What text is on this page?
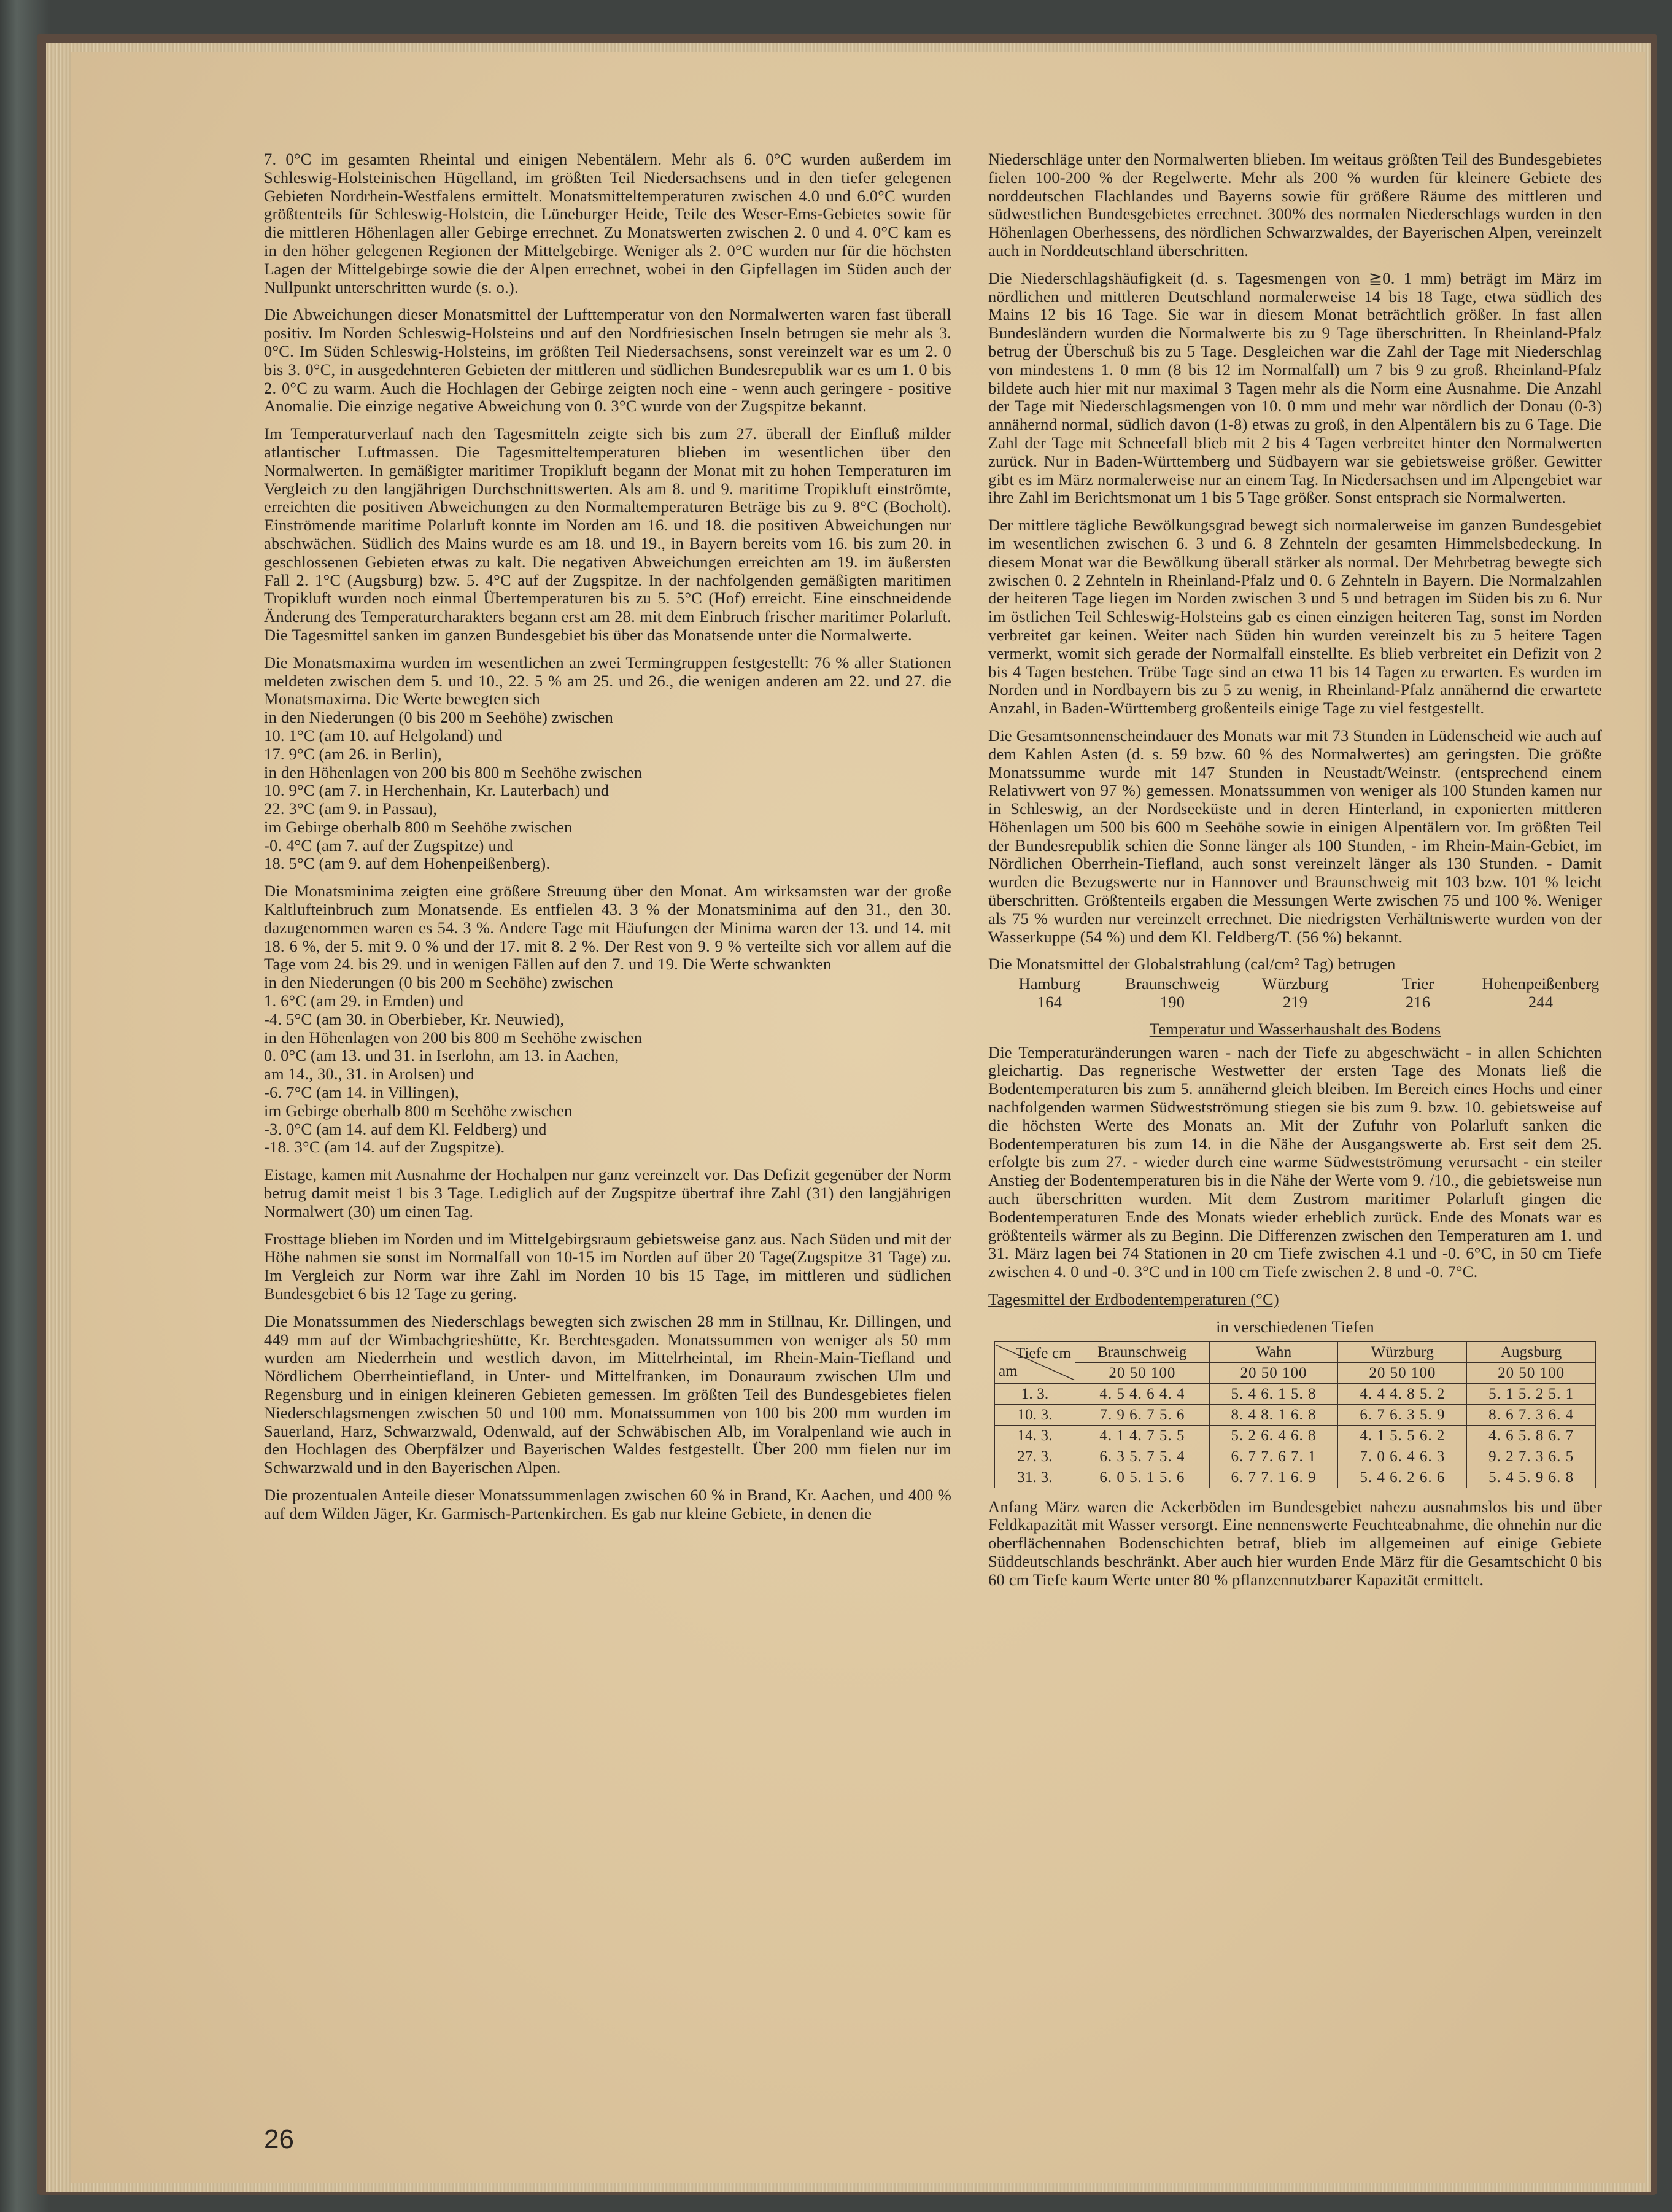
7. 0°C im gesamten Rheintal und einigen Nebentälern. Mehr als 6. 0°C wurden außerdem im Schleswig-Holsteinischen Hügelland, im größten Teil Niedersachsens und in den tiefer gelegenen Gebieten Nordrhein-Westfalens ermittelt. Monatsmitteltemperaturen zwischen 4.0 und 6.0°C wurden größtenteils für Schleswig-Holstein, die Lüneburger Heide, Teile des Weser-Ems-Gebietes sowie für die mittleren Höhenlagen aller Gebirge errechnet. Zu Monatswerten zwischen 2. 0 und 4. 0°C kam es in den höher gelegenen Regionen der Mittelgebirge. Weniger als 2. 0°C wurden nur für die höchsten Lagen der Mittelgebirge sowie die der Alpen errechnet, wobei in den Gipfellagen im Süden auch der Nullpunkt unterschritten wurde (s. o.).

Die Abweichungen dieser Monatsmittel der Lufttemperatur von den Normalwerten waren fast überall positiv. Im Norden Schleswig-Holsteins und auf den Nordfriesischen Inseln betrugen sie mehr als 3. 0°C. Im Süden Schleswig-Holsteins, im größten Teil Niedersachsens, sonst vereinzelt war es um 2. 0 bis 3. 0°C, in ausgedehnteren Gebieten der mittleren und südlichen Bundesrepublik war es um 1. 0 bis 2. 0°C zu warm. Auch die Hochlagen der Gebirge zeigten noch eine - wenn auch geringere - positive Anomalie. Die einzige negative Abweichung von 0. 3°C wurde von der Zugspitze bekannt.

Im Temperaturverlauf nach den Tagesmitteln zeigte sich bis zum 27. überall der Einfluß milder atlantischer Luftmassen. Die Tagesmitteltemperaturen blieben im wesentlichen über den Normalwerten. In gemäßigter maritimer Tropikluft begann der Monat mit zu hohen Temperaturen im Vergleich zu den langjährigen Durchschnittswerten. Als am 8. und 9. maritime Tropikluft einströmte, erreichten die positiven Abweichungen zu den Normaltemperaturen Beträge bis zu 9. 8°C (Bocholt). Einströmende maritime Polarluft konnte im Norden am 16. und 18. die positiven Abweichungen nur abschwächen. Südlich des Mains wurde es am 18. und 19., in Bayern bereits vom 16. bis zum 20. in geschlossenen Gebieten etwas zu kalt. Die negativen Abweichungen erreichten am 19. im äußersten Fall 2. 1°C (Augsburg) bzw. 5. 4°C auf der Zugspitze. In der nachfolgenden gemäßigten maritimen Tropikluft wurden noch einmal Übertemperaturen bis zu 5. 5°C (Hof) erreicht. Eine einschneidende Änderung des Temperaturcharakters begann erst am 28. mit dem Einbruch frischer maritimer Polarluft. Die Tagesmittel sanken im ganzen Bundesgebiet bis über das Monatsende unter die Normalwerte.

Die Monatsmaxima wurden im wesentlichen an zwei Termingruppen festgestellt: 76 % aller Stationen meldeten zwischen dem 5. und 10., 22. 5 % am 25. und 26., die wenigen anderen am 22. und 27. die Monatsmaxima. Die Werte bewegten sich
in den Niederungen (0 bis 200 m Seehöhe) zwischen
10. 1°C (am 10. auf Helgoland) und
17. 9°C (am 26. in Berlin),
in den Höhenlagen von 200 bis 800 m Seehöhe zwischen
10. 9°C (am 7. in Herchenhain, Kr. Lauterbach) und
22. 3°C (am 9. in Passau),
im Gebirge oberhalb 800 m Seehöhe zwischen
-0. 4°C (am 7. auf der Zugspitze) und
18. 5°C (am 9. auf dem Hohenpeißenberg).

Die Monatsminima zeigten eine größere Streuung über den Monat. Am wirksamsten war der große Kaltlufteinbruch zum Monatsende. Es entfielen 43. 3 % der Monatsminima auf den 31., den 30. dazugenommen waren es 54. 3 %. Andere Tage mit Häufungen der Minima waren der 13. und 14. mit 18. 6 %, der 5. mit 9. 0 % und der 17. mit 8. 2 %. Der Rest von 9. 9 % verteilte sich vor allem auf die Tage vom 24. bis 29. und in wenigen Fällen auf den 7. und 19. Die Werte schwankten
in den Niederungen (0 bis 200 m Seehöhe) zwischen
1. 6°C (am 29. in Emden) und
-4. 5°C (am 30. in Oberbieber, Kr. Neuwied),
in den Höhenlagen von 200 bis 800 m Seehöhe zwischen
0. 0°C (am 13. und 31. in Iserlohn, am 13. in Aachen,
am 14., 30., 31. in Arolsen) und
-6. 7°C (am 14. in Villingen),
im Gebirge oberhalb 800 m Seehöhe zwischen
-3. 0°C (am 14. auf dem Kl. Feldberg) und
-18. 3°C (am 14. auf der Zugspitze).

Eistage, kamen mit Ausnahme der Hochalpen nur ganz vereinzelt vor. Das Defizit gegenüber der Norm betrug damit meist 1 bis 3 Tage. Lediglich auf der Zugspitze übertraf ihre Zahl (31) den langjährigen Normalwert (30) um einen Tag.

Frosttage blieben im Norden und im Mittelgebirgsraum gebietsweise ganz aus. Nach Süden und mit der Höhe nahmen sie sonst im Normalfall von 10-15 im Norden auf über 20 Tage(Zugspitze 31 Tage) zu. Im Vergleich zur Norm war ihre Zahl im Norden 10 bis 15 Tage, im mittleren und südlichen Bundesgebiet 6 bis 12 Tage zu gering.

Die Monatssummen des Niederschlags bewegten sich zwischen 28 mm in Stillnau, Kr. Dillingen, und 449 mm auf der Wimbachgrieshütte, Kr. Berchtesgaden. Monatssummen von weniger als 50 mm wurden am Niederrhein und westlich davon, im Mittelrheintal, im Rhein-Main-Tiefland und Nördlichem Oberrheintiefland, in Unter- und Mittelfranken, im Donauraum zwischen Ulm und Regensburg und in einigen kleineren Gebieten gemessen. Im größten Teil des Bundesgebietes fielen Niederschlagsmengen zwischen 50 und 100 mm. Monatssummen von 100 bis 200 mm wurden im Sauerland, Harz, Schwarzwald, Odenwald, auf der Schwäbischen Alb, im Voralpenland wie auch in den Hochlagen des Oberpfälzer und Bayerischen Waldes festgestellt. Über 200 mm fielen nur im Schwarzwald und in den Bayerischen Alpen.

Die prozentualen Anteile dieser Monatssummenlagen zwischen 60 % in Brand, Kr. Aachen, und 400 % auf dem Wilden Jäger, Kr. Garmisch-Partenkirchen. Es gab nur kleine Gebiete, in denen die

Niederschläge unter den Normalwerten blieben. Im weitaus größten Teil des Bundesgebietes fielen 100-200 % der Regelwerte. Mehr als 200 % wurden für kleinere Gebiete des norddeutschen Flachlandes und Bayerns sowie für größere Räume des mittleren und südwestlichen Bundesgebietes errechnet. 300% des normalen Niederschlags wurden in den Höhenlagen Oberhessens, des nördlichen Schwarzwaldes, der Bayerischen Alpen, vereinzelt auch in Norddeutschland überschritten.

Die Niederschlagshäufigkeit (d. s. Tagesmengen von ≧0. 1 mm) beträgt im März im nördlichen und mittleren Deutschland normalerweise 14 bis 18 Tage, etwa südlich des Mains 12 bis 16 Tage. Sie war in diesem Monat beträchtlich größer. In fast allen Bundesländern wurden die Normalwerte bis zu 9 Tage überschritten. In Rheinland-Pfalz betrug der Überschuß bis zu 5 Tage. Desgleichen war die Zahl der Tage mit Niederschlag von mindestens 1. 0 mm (8 bis 12 im Normalfall) um 7 bis 9 zu groß. Rheinland-Pfalz bildete auch hier mit nur maximal 3 Tagen mehr als die Norm eine Ausnahme. Die Anzahl der Tage mit Niederschlagsmengen von 10. 0 mm und mehr war nördlich der Donau (0-3) annähernd normal, südlich davon (1-8) etwas zu groß, in den Alpentälern bis zu 6 Tage. Die Zahl der Tage mit Schneefall blieb mit 2 bis 4 Tagen verbreitet hinter den Normalwerten zurück. Nur in Baden-Württemberg und Südbayern war sie gebietsweise größer. Gewitter gibt es im März normalerweise nur an einem Tag. In Niedersachsen und im Alpengebiet war ihre Zahl im Berichtsmonat um 1 bis 5 Tage größer. Sonst entsprach sie Normalwerten.

Der mittlere tägliche Bewölkungsgrad bewegt sich normalerweise im ganzen Bundesgebiet im wesentlichen zwischen 6. 3 und 6. 8 Zehnteln der gesamten Himmelsbedeckung. In diesem Monat war die Bewölkung überall stärker als normal. Der Mehrbetrag bewegte sich zwischen 0. 2 Zehnteln in Rheinland-Pfalz und 0. 6 Zehnteln in Bayern. Die Normalzahlen der heiteren Tage liegen im Norden zwischen 3 und 5 und betragen im Süden bis zu 6. Nur im östlichen Teil Schleswig-Holsteins gab es einen einzigen heiteren Tag, sonst im Norden verbreitet gar keinen. Weiter nach Süden hin wurden vereinzelt bis zu 5 heitere Tagen vermerkt, womit sich gerade der Normalfall einstellte. Es blieb verbreitet ein Defizit von 2 bis 4 Tagen bestehen. Trübe Tage sind an etwa 11 bis 14 Tagen zu erwarten. Es wurden im Norden und in Nordbayern bis zu 5 zu wenig, in Rheinland-Pfalz annähernd die erwartete Anzahl, in Baden-Württemberg großenteils einige Tage zu viel festgestellt.

Die Gesamtsonnenscheindauer des Monats war mit 73 Stunden in Lüdenscheid wie auch auf dem Kahlen Asten (d. s. 59 bzw. 60 % des Normalwertes) am geringsten. Die größte Monatssumme wurde mit 147 Stunden in Neustadt/Weinstr. (entsprechend einem Relativwert von 97 %) gemessen. Monatssummen von weniger als 100 Stunden kamen nur in Schleswig, an der Nordseeküste und in deren Hinterland, in exponierten mittleren Höhenlagen um 500 bis 600 m Seehöhe sowie in einigen Alpentälern vor. Im größten Teil der Bundesrepublik schien die Sonne länger als 100 Stunden, - im Rhein-Main-Gebiet, im Nördlichen Oberrhein-Tiefland, auch sonst vereinzelt länger als 130 Stunden. - Damit wurden die Bezugswerte nur in Hannover und Braunschweig mit 103 bzw. 101 % leicht überschritten. Größtenteils ergaben die Messungen Werte zwischen 75 und 100 %. Weniger als 75 % wurden nur vereinzelt errechnet. Die niedrigsten Verhältniswerte wurden von der Wasserkuppe (54 %) und dem Kl. Feldberg/T. (56 %) bekannt.

Die Monatsmittel der Globalstrahlung (cal/cm² Tag) betrugen

Hamburg	Braunschweig	Würzburg	Trier	Hohenpeißenberg
164	190	219	216	244
Temperatur und Wasserhaushalt des Bodens

Die Temperaturänderungen waren - nach der Tiefe zu abgeschwächt - in allen Schichten gleichartig. Das regnerische Westwetter der ersten Tage des Monats ließ die Bodentemperaturen bis zum 5. annähernd gleich bleiben. Im Bereich eines Hochs und einer nachfolgenden warmen Südwestströmung stiegen sie bis zum 9. bzw. 10. gebietsweise auf die höchsten Werte des Monats an. Mit der Zufuhr von Polarluft sanken die Bodentemperaturen bis zum 14. in die Nähe der Ausgangswerte ab. Erst seit dem 25. erfolgte bis zum 27. - wieder durch eine warme Südwestströmung verursacht - ein steiler Anstieg der Bodentemperaturen bis in die Nähe der Werte vom 9. /10., die gebietsweise nun auch überschritten wurden. Mit dem Zustrom maritimer Polarluft gingen die Bodentemperaturen Ende des Monats wieder erheblich zurück. Ende des Monats war es größtenteils wärmer als zu Beginn. Die Differenzen zwischen den Temperaturen am 1. und 31. März lagen bei 74 Stationen in 20 cm Tiefe zwischen 4.1 und -0. 6°C, in 50 cm Tiefe zwischen 4. 0 und -0. 3°C und in 100 cm Tiefe zwischen 2. 8 und -0. 7°C.

Tagesmittel der Erdbodentemperaturen (°C)

in verschiedenen Tiefen

Tiefe cm
am	Braunschweig	Wahn	Würzburg	Augsburg
	20 50 100	20 50 100	20 50 100	20 50 100
1. 3.	4. 5 4. 6 4. 4	5. 4 6. 1 5. 8	4. 4 4. 8 5. 2	5. 1 5. 2 5. 1
10. 3.	7. 9 6. 7 5. 6	8. 4 8. 1 6. 8	6. 7 6. 3 5. 9	8. 6 7. 3 6. 4
14. 3.	4. 1 4. 7 5. 5	5. 2 6. 4 6. 8	4. 1 5. 5 6. 2	4. 6 5. 8 6. 7
27. 3.	6. 3 5. 7 5. 4	6. 7 7. 6 7. 1	7. 0 6. 4 6. 3	9. 2 7. 3 6. 5
31. 3.	6. 0 5. 1 5. 6	6. 7 7. 1 6. 9	5. 4 6. 2 6. 6	5. 4 5. 9 6. 8

Anfang März waren die Ackerböden im Bundesgebiet nahezu ausnahmslos bis und über Feldkapazität mit Wasser versorgt. Eine nennenswerte Feuchteabnahme, die ohnehin nur die oberflächennahen Bodenschichten betraf, blieb im allgemeinen auf einige Gebiete Süddeutschlands beschränkt. Aber auch hier wurden Ende März für die Gesamtschicht 0 bis 60 cm Tiefe kaum Werte unter 80 % pflanzennutzbarer Kapazität ermittelt.

26
